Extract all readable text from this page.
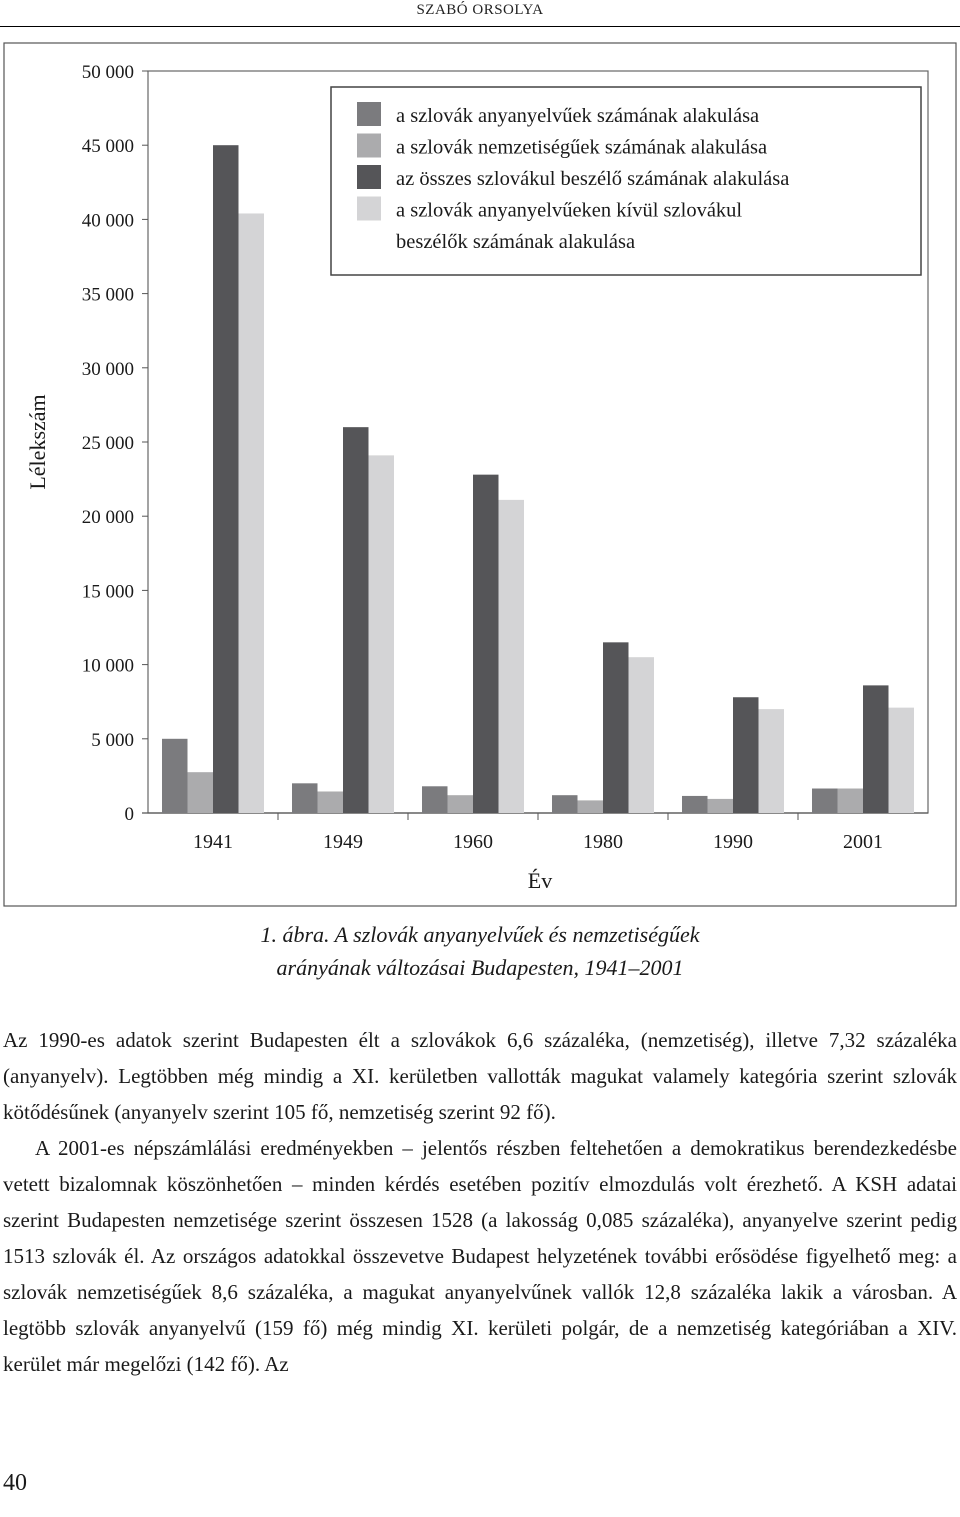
SZABÓ ORSOLYA
0
5 000
10 000
15 000
20 000
25 000
30 000
35 000
40 000
45 000
50 000
Lélekszám
Év
1941	1949	1960	1980	1990	2001
a szlovák anyanyelvűek számának alakulása
a szlovák nemzetiségűek számának alakulása
az összes szlovákul beszélő számának alakulása
a szlovák anyanyelvűeken kívül szlovákul
beszélők számának alakulása
1. ábra. A szlovák anyanyelvűek és nemzetiségűek
arányának változásai Budapesten, 1941–2001

Az 1990-es adatok szerint Budapesten élt a szlovákok 6,6 százaléka, (nemzetiség), illetve 7,32 százaléka (anyanyelv). Legtöbben még mindig a XI. kerületben vallották magukat valamely kategória szerint szlovák kötődésűnek (anyanyelv szerint 105 fő, nemzetiség szerint 92 fő).

A 2001-es népszámlálási eredményekben – jelentős részben feltehetően a demokratikus berendezkedésbe vetett bizalomnak köszönhetően – minden kérdés esetében pozitív elmozdulás volt érezhető. A KSH adatai szerint Budapesten nemzetisége szerint összesen 1528 (a lakosság 0,085 százaléka), anyanyelve szerint pedig 1513 szlovák él. Az országos adatokkal összevetve Budapest helyzetének további erősödése figyelhető meg: a szlovák nemzetiségűek 8,6 százaléka, a magukat anyanyelvűnek vallók 12,8 százaléka lakik a városban. A legtöbb szlovák anyanyelvű (159 fő) még mindig XI. kerületi polgár, de a nemzetiség kategóriában a XIV. kerület már megelőzi (142 fő). Az

40
